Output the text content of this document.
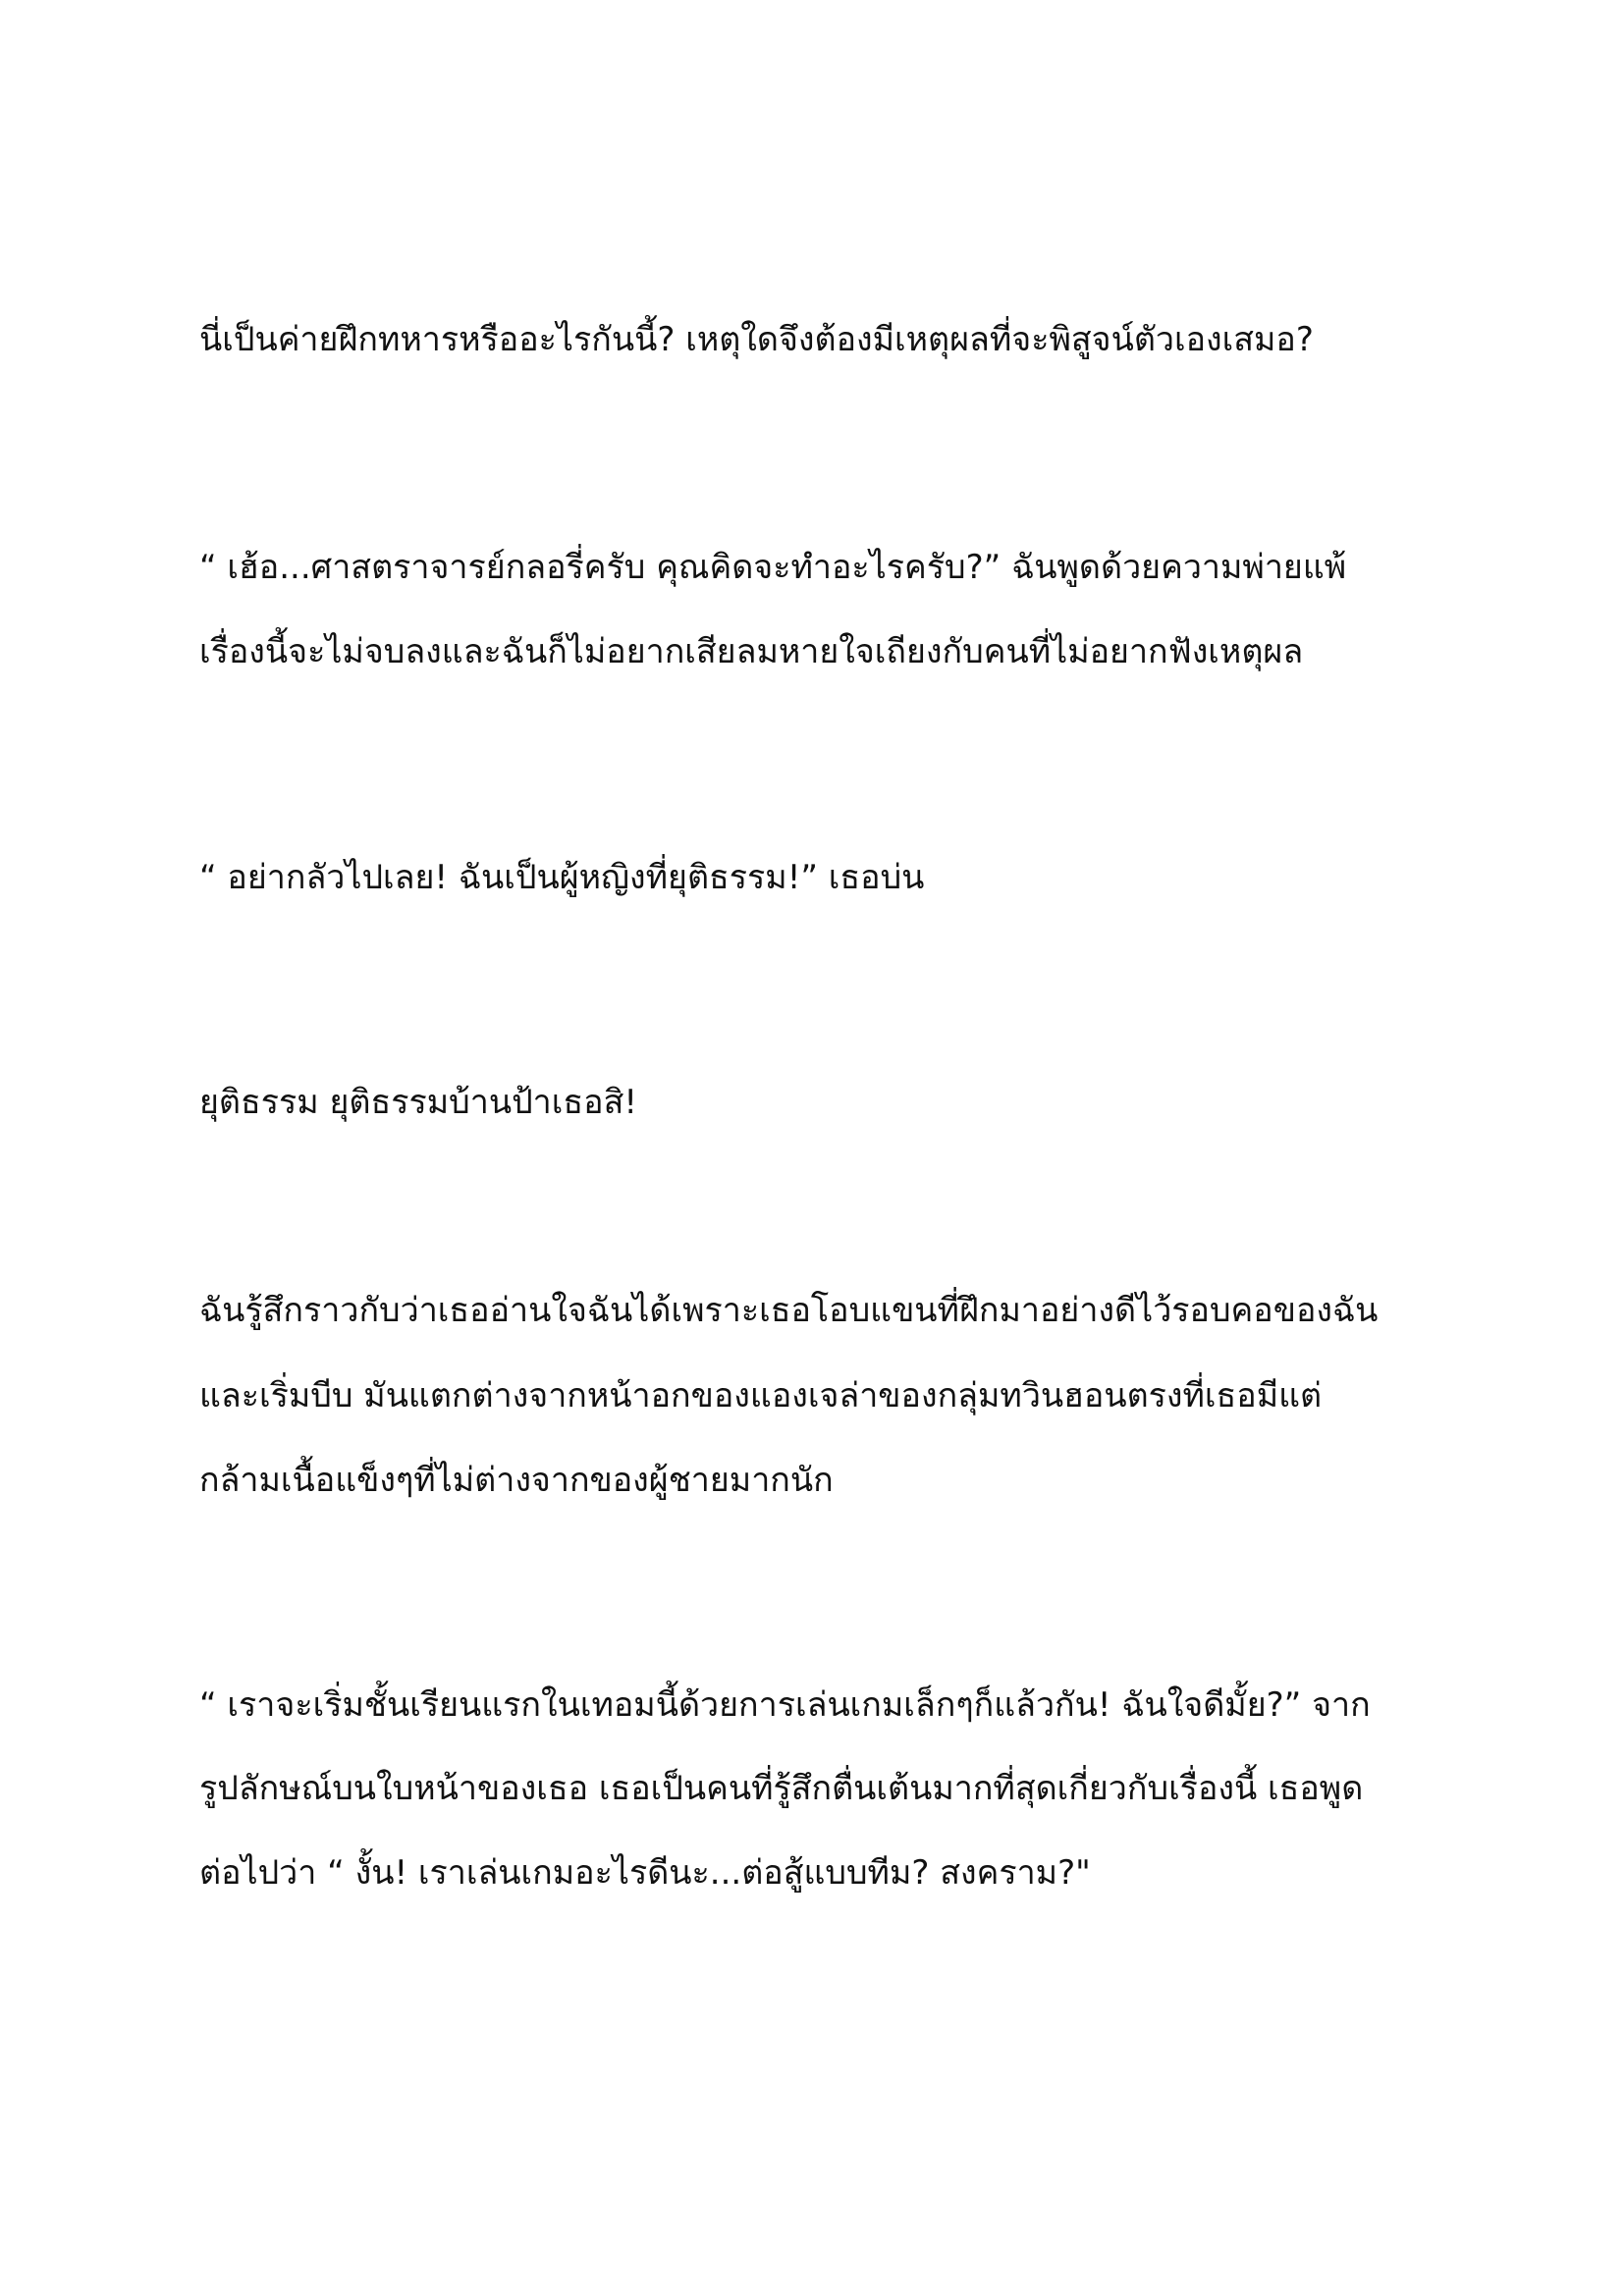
นี่เป็นค่ายฝึกทหารหรืออะไรกันนี้? เหตุใดจึงต้องมีเหตุผลที่จะพิสูจน์ตัวเองเสมอ?

“ เฮ้อ...ศาสตราจารย์กลอรี่ครับ คุณคิดจะทำอะไรครับ?” ฉันพูดด้วยความพ่ายแพ้

เรื่องนี้จะไม่จบลงและฉันก็ไม่อยากเสียลมหายใจเถียงกับคนที่ไม่อยากฟังเหตุผล

“ อย่ากลัวไปเลย! ฉันเป็นผู้หญิงที่ยุติธรรม!” เธอบ่น

ยุติธรรม ยุติธรรมบ้านป้าเธอสิ!

ฉันรู้สึกราวกับว่าเธออ่านใจฉันได้เพราะเธอโอบแขนที่ฝึกมาอย่างดีไว้รอบคอของฉัน

และเริ่มบีบ มันแตกต่างจากหน้าอกของแองเจล่าของกลุ่มทวินฮอนตรงที่เธอมีแต่

กล้ามเนื้อแข็งๆที่ไม่ต่างจากของผู้ชายมากนัก

“ เราจะเริ่มชั้นเรียนแรกในเทอมนี้ด้วยการเล่นเกมเล็กๆก็แล้วกัน! ฉันใจดีมั้ย?” จาก

รูปลักษณ์บนใบหน้าของเธอ เธอเป็นคนที่รู้สึกตื่นเต้นมากที่สุดเกี่ยวกับเรื่องนี้ เธอพูด

ต่อไปว่า “ งั้น! เราเล่นเกมอะไรดีนะ...ต่อสู้แบบทีม? สงคราม?"
